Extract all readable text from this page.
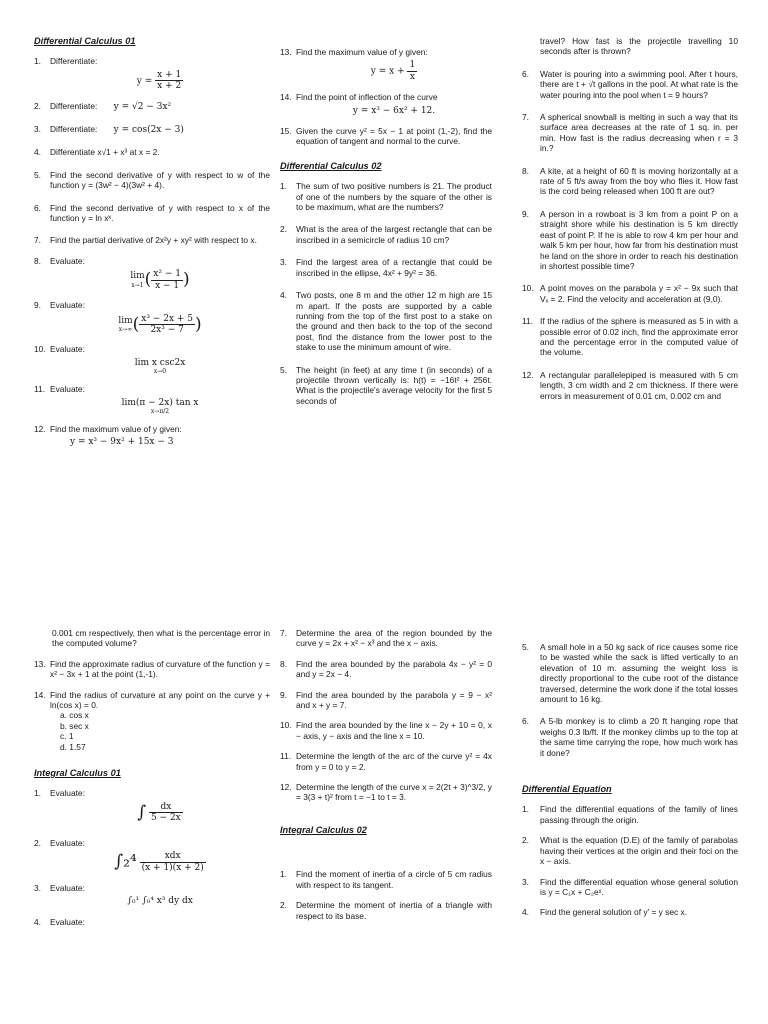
Differential Calculus 01
1. Differentiate:
$y = \frac{x + 1}{x + 2}$
2. Differentiate: y = √2 − 3x²
3. Differentiate: y = cos(2x − 3)
4. Differentiate x√1 + x³ at x = 2.
5. Find the second derivative of y with respect to w of the function y = (3w² − 4)(3w² + 4).
6. Find the second derivative of y with respect to x of the function y = ln xˣ.
7. Find the partial derivative of 2x²y + xy² with respect to x.
8. Evaluate:
lim
x→1 ( $\frac{\text{x² − 1}}{x - 1}$ )
9. Evaluate:
lim
x→∞ ( $\frac{\text{x³ − 2x + 5}}{\text{2x³ − 7}}$ )
10. Evaluate:
lim x csc2x
x→0
11. Evaluate:
lim(π − 2x) tan x
x→π/2
12. Find the maximum value of y given:
y = x³ − 9x² + 15x − 3
13. Find the maximum value of y given:
$y = x + \frac{1}{x}$
14. Find the point of inflection of the curve
y = x³ − 6x² + 12.
15. Given the curve y² = 5x − 1 at point (1,-2), find the equation of tangent and normal to the curve.
Differential Calculus 02
1. The sum of two positive numbers is 21. The product of one of the numbers by the square of the other is to be maximum, what are the numbers?
2. What is the area of the largest rectangle that can be inscribed in a semicircle of radius 10 cm?
3. Find the largest area of a rectangle that could be inscribed in the ellipse, 4x² + 9y² = 36.
4. Two posts, one 8 m and the other 12 m high are 15 m apart. If the posts are supported by a cable running from the top of the first post to a stake on the ground and then back to the top of the second post, find the distance from the lower post to the stake to use the minimum amount of wire.
5. The height (in feet) at any time t (in seconds) of a projectile thrown vertically is: h(t) = −16t² + 256t. What is the projectile's average velocity for the first 5 seconds of
travel? How fast is the projectile travelling 10 seconds after is thrown?
6. Water is pouring into a swimming pool. After t hours, there are t + √t gallons in the pool. At what rate is the water pouring into the pool when t = 9 hours?
7. A spherical snowball is melting in such a way that its surface area decreases at the rate of 1 sq. in. per min. How fast is the radius decreasing when r = 3 in.?
8. A kite, at a height of 60 ft is moving horizontally at a rate of 5 ft/s away from the boy who flies it. How fast is the cord being released when 100 ft are out?
9. A person in a rowboat is 3 km from a point P on a straight shore while his destination is 5 km directly east of point P. If he is able to row 4 km per hour and walk 5 km per hour, how far from his destination must he land on the shore in order to reach his destination in shortest possible time?
10. A point moves on the parabola y = x² − 9x such that Vₓ = 2. Find the velocity and acceleration at (9,0).
11. If the radius of the sphere is measured as 5 in with a possible error of 0.02 inch, find the approximate error and the percentage error in the computed value of the volume.
12. A rectangular parallelepiped is measured with 5 cm length, 3 cm width and 2 cm thickness. If there were errors in measurement of 0.01 cm, 0.002 cm and
0.001 cm respectively, then what is the percentage error in the computed volume?
13. Find the approximate radius of curvature of the function y = x² − 3x + 1 at the point (1,-1).
14. Find the radius of curvature at any point on the curve y + ln(cos x) = 0.
a. cos x
b. sec x
c. 1
d. 1.57
Integral Calculus 01
1. Evaluate:
∫ $\frac{dx}{5 - 2x}$
2. Evaluate:
$\int_2^4 \frac{\text{xdx}}{(x + 1)(x + 2)}$
3. Evaluate:
∫₀¹ ∫₀⁴ x³ dy dx
4. Evaluate:
7. Determine the area of the region bounded by the curve y = 2x + x² − x³ and the x − axis.
8. Find the area bounded by the parabola 4x − y² = 0 and y = 2x − 4.
9. Find the area bounded by the parabola y = 9 − x² and x + y = 7.
10. Find the area bounded by the line x − 2y + 10 = 0, x − axis, y − axis and the line x = 10.
11. Determine the length of the arc of the curve y² = 4x from y = 0 to y = 2.
12. Determine the length of the curve x = 2(2t + 3)^3/2, y = 3(3 + t)² from t = −1 to t = 3.
Integral Calculus 02
1. Find the moment of inertia of a circle of 5 cm radius with respect to its tangent.
2. Determine the moment of inertia of a triangle with respect to its base.
5. A small hole in a 50 kg sack of rice causes some rice to be wasted while the sack is lifted vertically to an elevation of 10 m. assuming the weight loss is directly proportional to the cube root of the distance traversed, determine the work done if the total losses amount to 16 kg.
6. A 5-lb monkey is to climb a 20 ft hanging rope that weighs 0.3 lb/ft. If the monkey climbs up to the top at the same time carrying the rope, how much work has it done?
Differential Equation
1. Find the differential equations of the family of lines passing through the origin.
2. What is the equation (D.E) of the family of parabolas having their vertices at the origin and their foci on the x − axis.
3. Find the differential equation whose general solution is y = C₁x + C₂eˣ.
4. Find the general solution of y′ = y sec x.
